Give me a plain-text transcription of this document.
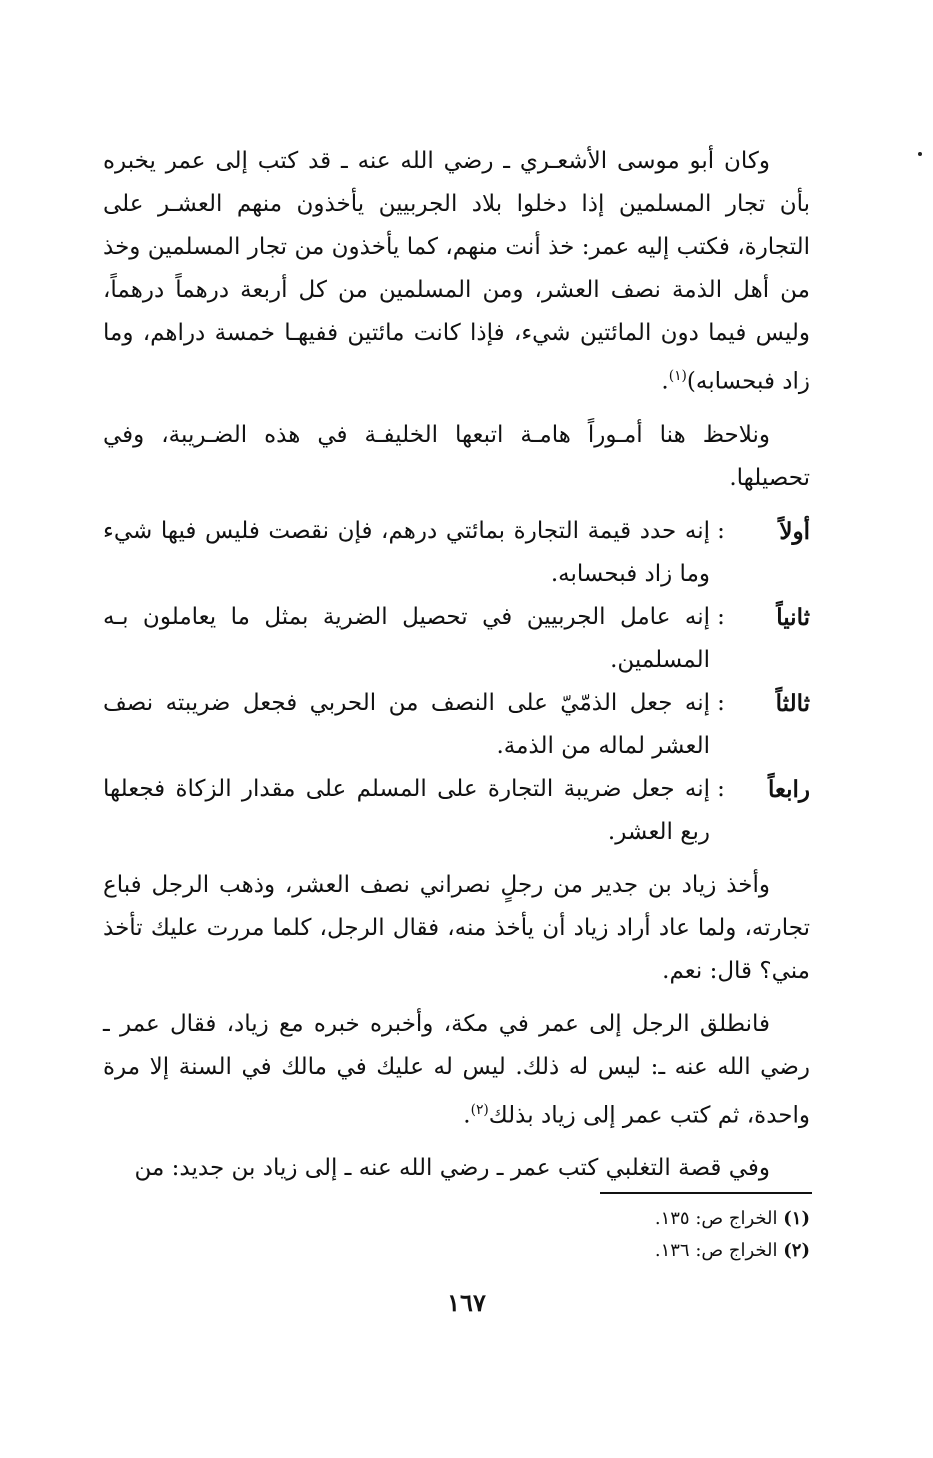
وكان أبو موسى الأشعـري ـ رضي الله عنه ـ قد كتب إلى عمر يخبره بأن تجار المسلمين إذا دخلوا بلاد الجربيين يأخذون منهم العشـر على التجارة، فكتب إليه عمر: خذ أنت منهم، كما يأخذون من تجار المسلمين وخذ من أهل الذمة نصف العشر، ومن المسلمين من كل أربعة درهماً درهماً، وليس فيما دون المائتين شيء، فإذا كانت مائتين ففيهـا خمسة دراهم، وما زاد فبحسابه)$^{(١)}$.

ونلاحظ هنا أمـوراً هامـة اتبعها الخليفـة في هذه الضـريبة، وفي تحصيلها.

أولاً
:
إنه حدد قيمة التجارة بمائتي درهم، فإن نقصت فليس فيها شيء وما زاد فبحسابه.
ثانياً
:
إنه عامل الجربيين في تحصيل الضرية بمثل ما يعاملون بـه المسلمين.
ثالثاً
:
إنه جعل الذمّيّ على النصف من الحربي فجعل ضريبته نصف العشر لماله من الذمة.
رابعاً
:
إنه جعل ضريبة التجارة على المسلم على مقدار الزكاة فجعلها ربع العشر.

وأخذ زياد بن جدير من رجلٍ نصراني نصف العشر، وذهب الرجل فباع تجارته، ولما عاد أراد زياد أن يأخذ منه، فقال الرجل، كلما مررت عليك تأخذ مني؟ قال: نعم.

فانطلق الرجل إلى عمر في مكة، وأخبره خبره مع زياد، فقال عمر ـ رضي الله عنه ـ: ليس له ذلك. ليس له عليك في مالك في السنة إلا مرة واحدة، ثم كتب عمر إلى زياد بذلك$^{(٢)}$.

وفي قصة التغلبي كتب عمر ـ رضي الله عنه ـ إلى زياد بن جديد: من

(١) الخراج ص: ١٣٥.
(٢) الخراج ص: ١٣٦.
١٦٧
